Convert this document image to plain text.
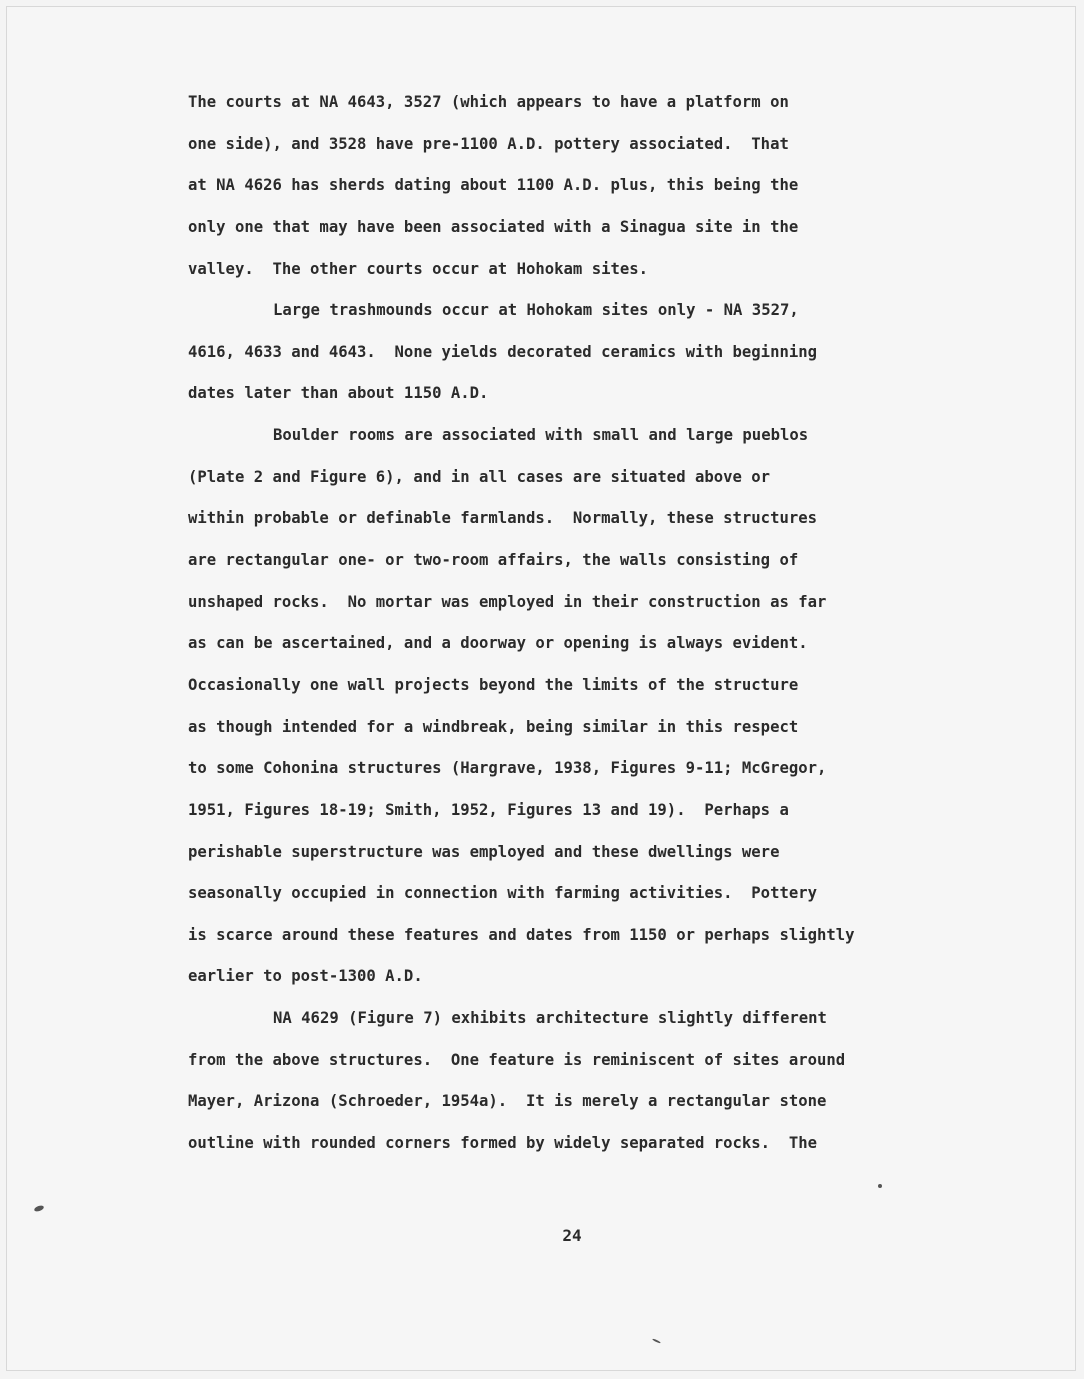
The courts at NA 4643, 3527 (which appears to have a platform on
one side), and 3528 have pre-1100 A.D. pottery associated.  That
at NA 4626 has sherds dating about 1100 A.D. plus, this being the
only one that may have been associated with a Sinagua site in the
valley.  The other courts occur at Hohokam sites.
Large trashmounds occur at Hohokam sites only - NA 3527,
4616, 4633 and 4643.  None yields decorated ceramics with beginning
dates later than about 1150 A.D.
Boulder rooms are associated with small and large pueblos
(Plate 2 and Figure 6), and in all cases are situated above or
within probable or definable farmlands.  Normally, these structures
are rectangular one- or two-room affairs, the walls consisting of
unshaped rocks.  No mortar was employed in their construction as far
as can be ascertained, and a doorway or opening is always evident.
Occasionally one wall projects beyond the limits of the structure
as though intended for a windbreak, being similar in this respect
to some Cohonina structures (Hargrave, 1938, Figures 9-11; McGregor,
1951, Figures 18-19; Smith, 1952, Figures 13 and 19).  Perhaps a
perishable superstructure was employed and these dwellings were
seasonally occupied in connection with farming activities.  Pottery
is scarce around these features and dates from 1150 or perhaps slightly
earlier to post-1300 A.D.
NA 4629 (Figure 7) exhibits architecture slightly different
from the above structures.  One feature is reminiscent of sites around
Mayer, Arizona (Schroeder, 1954a).  It is merely a rectangular stone
outline with rounded corners formed by widely separated rocks.  The
24
